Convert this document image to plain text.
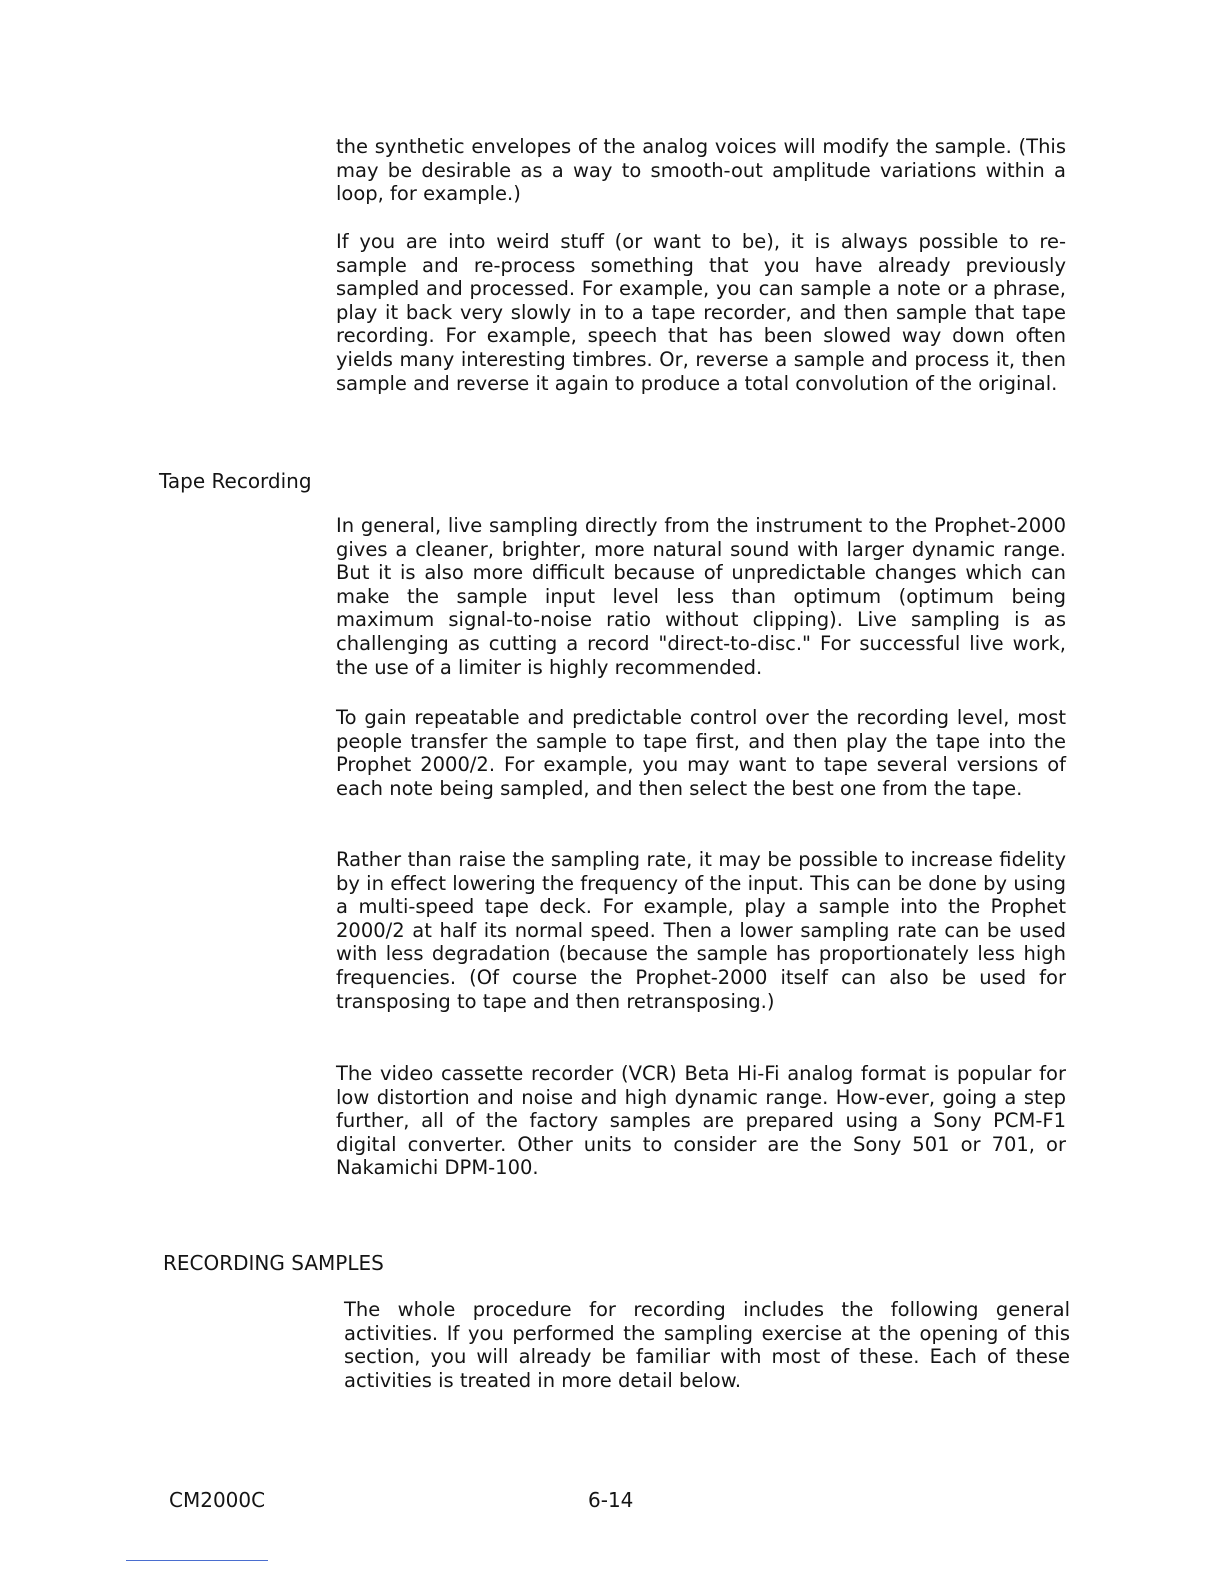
the synthetic envelopes of the analog voices will modify the sample. (This may be desirable as a way to smooth-out amplitude variations within a loop, for example.)

If you are into weird stuff (or want to be), it is always possible to re-sample and re-process something that you have already previously sampled and processed. For example, you can sample a note or a phrase, play it back very slowly in to a tape recorder, and then sample that tape recording. For example, speech that has been slowed way down often yields many interesting timbres. Or, reverse a sample and process it, then sample and reverse it again to produce a total convolution of the original.

Tape Recording

In general, live sampling directly from the instrument to the Prophet-2000 gives a cleaner, brighter, more natural sound with larger dynamic range. But it is also more difficult because of unpredictable changes which can make the sample input level less than optimum (optimum being maximum signal-to-noise ratio without clipping). Live sampling is as challenging as cutting a record "direct-to-disc." For successful live work, the use of a limiter is highly recommended.

To gain repeatable and predictable control over the recording level, most people transfer the sample to tape first, and then play the tape into the Prophet 2000/2. For example, you may want to tape several versions of each note being sampled, and then select the best one from the tape.

Rather than raise the sampling rate, it may be possible to increase fidelity by in effect lowering the frequency of the input. This can be done by using a multi-speed tape deck. For example, play a sample into the Prophet 2000/2 at half its normal speed. Then a lower sampling rate can be used with less degradation (because the sample has proportionately less high frequencies. (Of course the Prophet-2000 itself can also be used for transposing to tape and then retransposing.)

The video cassette recorder (VCR) Beta Hi-Fi analog format is popular for low distortion and noise and high dynamic range. How-ever, going a step further, all of the factory samples are prepared using a Sony PCM-F1 digital converter. Other units to consider are the Sony 501 or 701, or Nakamichi DPM-100.

RECORDING SAMPLES

The whole procedure for recording includes the following general activities. If you performed the sampling exercise at the opening of this section, you will already be familiar with most of these. Each of these activities is treated in more detail below.

CM2000C	6-14
